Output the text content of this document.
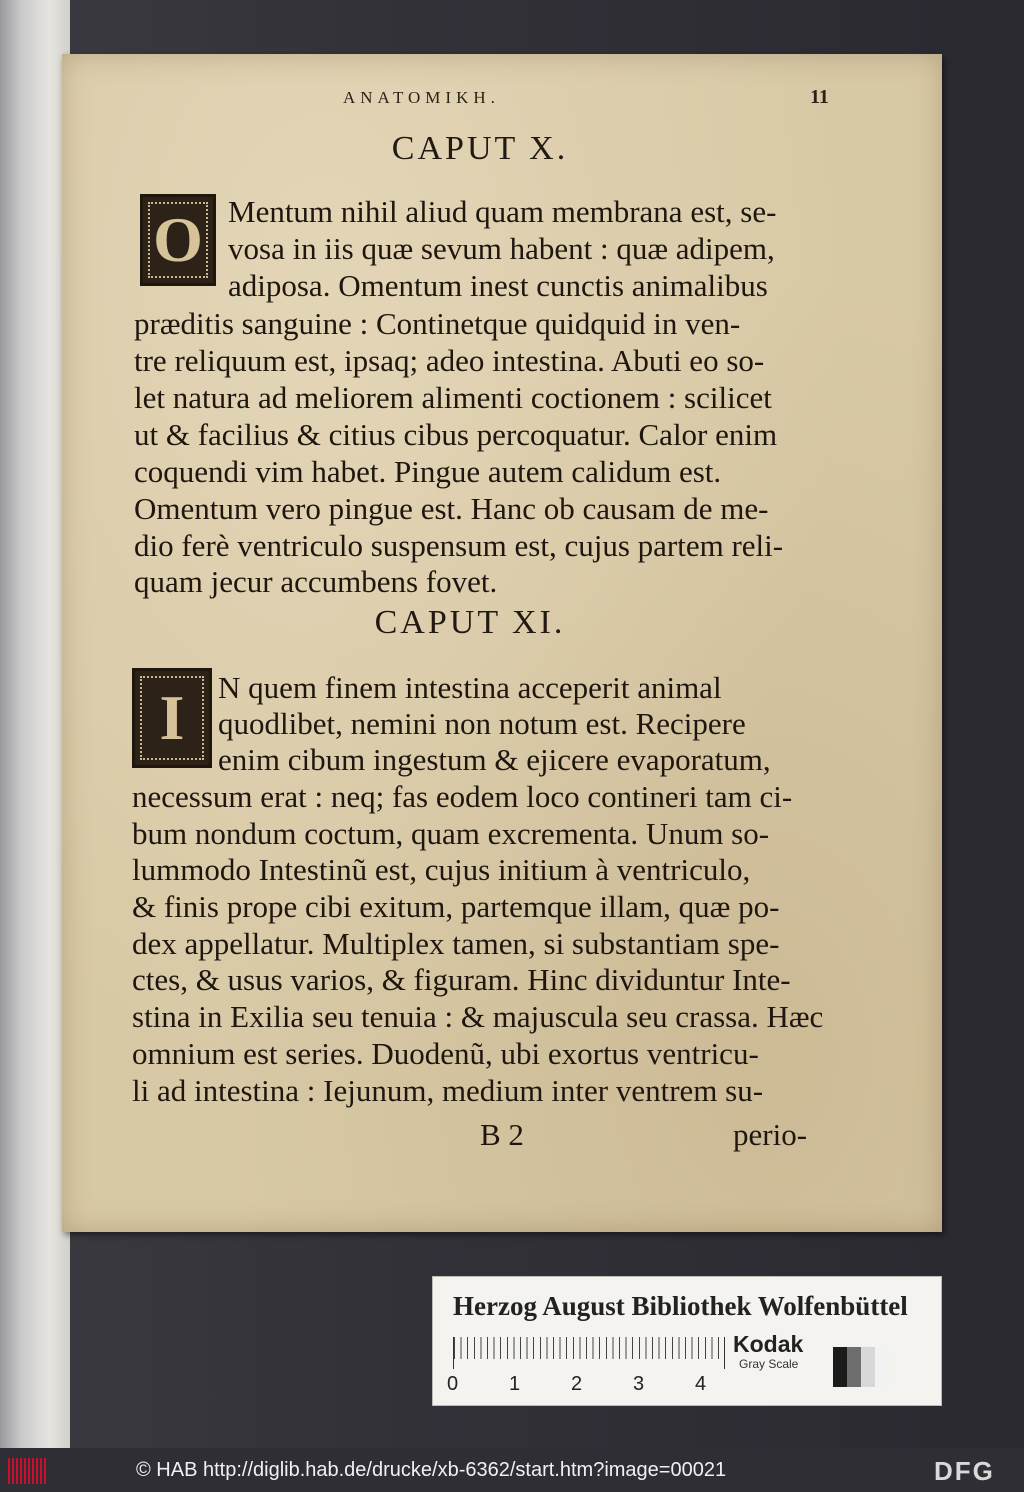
ANATOMIKH.	11
CAPUT X.
O Mentum nihil aliud quam membrana est, se-
vosa in iis quæ sevum habent : quæ adipem,
adiposa. Omentum inest cunctis animalibus
præditis sanguine : Continetque quidquid in ven-
tre reliquum est, ipsaq; adeo intestina. Abuti eo so-
let natura ad meliorem alimenti coctionem : scilicet
ut & facilius & citius cibus percoquatur. Calor enim
coquendi vim habet. Pingue autem calidum est.
Omentum vero pingue est. Hanc ob causam de me-
dio ferè ventriculo suspensum est, cujus partem reli-
quam jecur accumbens fovet.
CAPUT XI.
I N quem finem intestina acceperit animal
quodlibet, nemini non notum est. Recipere
enim cibum ingestum & ejicere evaporatum,
necessum erat : neq; fas eodem loco contineri tam ci-
bum nondum coctum, quam excrementa. Unum so-
lummodo Intestinũ est, cujus initium à ventriculo,
& finis prope cibi exitum, partemque illam, quæ po-
dex appellatur. Multiplex tamen, si substantiam spe-
ctes, & usus varios, & figuram. Hinc dividuntur Inte-
stina in Exilia seu tenuia : & majuscula seu crassa. Hæc
omnium est series. Duodenũ, ubi exortus ventricu-
li ad intestina : Iejunum, medium inter ventrem su-
B 2	perio-
Herzog August Bibliothek Wolfenbüttel
0	1	2	3	4
Kodak
Gray Scale
© HAB http://diglib.hab.de/drucke/xb-6362/start.htm?image=00021	DFG
